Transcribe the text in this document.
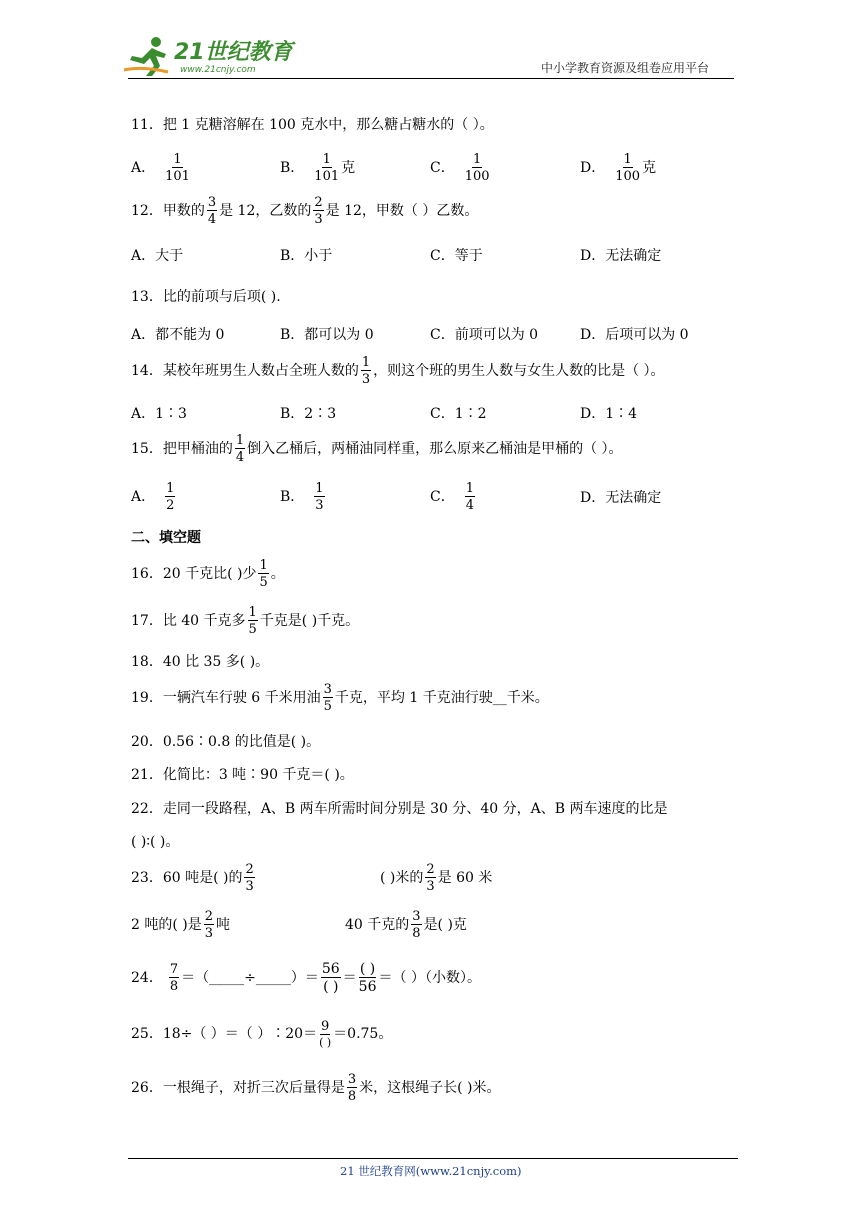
21世纪教育
www.21cnjy.com	中小学教育资源及组卷应用平台
11．把 1 克糖溶解在 100 克水中，那么糖占糖水的（ ）。
A． $\frac{1}{101}$	B． $\frac{1}{101}$ 克	C． $\frac{1}{100}$	D． $\frac{1}{100}$ 克
12．甲数的 $\frac{3}{4}$ 是 12，乙数的 $\frac{2}{3}$ 是 12，甲数（ ）乙数。
A．大于	B．小于	C．等于	D．无法确定
13．比的前项与后项( ).
A．都不能为 0	B．都可以为 0	C．前项可以为 0	D．后项可以为 0
14．某校年班男生人数占全班人数的 $\frac{1}{3}$ ，则这个班的男生人数与女生人数的比是（ ）。
A．1∶3	B．2∶3	C．1∶2	D．1∶4
15．把甲桶油的 $\frac{1}{4}$ 倒入乙桶后，两桶油同样重，那么原来乙桶油是甲桶的（ ）。
A． $\frac{1}{2}$	B． $\frac{1}{3}$	C． $\frac{1}{4}$	D．无法确定
二、填空题
16．20 千克比( )少 $\frac{1}{5}$ 。
17．比 40 千克多 $\frac{1}{5}$ 千克是( )千克。
18．40 比 35 多( )。
19．一辆汽车行驶 6 千米用油 $\frac{3}{5}$ 千克，平均 1 千克油行驶__千米。
20．0.56∶0.8 的比值是( )。
21．化简比：3 吨∶90 千克＝( )。
22．走同一段路程，A、B 两车所需时间分别是 30 分、40 分，A、B 两车速度的比是
( )∶( )。
23．60 吨是( )的 $\frac{2}{3}$	( )米的 $\frac{2}{3}$ 是 60 米
2 吨的( )是 $\frac{2}{3}$ 吨	40 千克的 $\frac{3}{8}$ 是( )克
24． $\frac{7}{8}$ ＝（_____÷_____）＝ $\frac{56}{( )} = \frac{( )}{56}$ ＝（ ）（小数）。
25．18÷（ ）＝（ ）∶20＝ $\frac{9}{( )} =0.75$。
26．一根绳子，对折三次后量得是 $\frac{3}{8}$ 米，这根绳子长( )米。
21 世纪教育网(www.21cnjy.com)
